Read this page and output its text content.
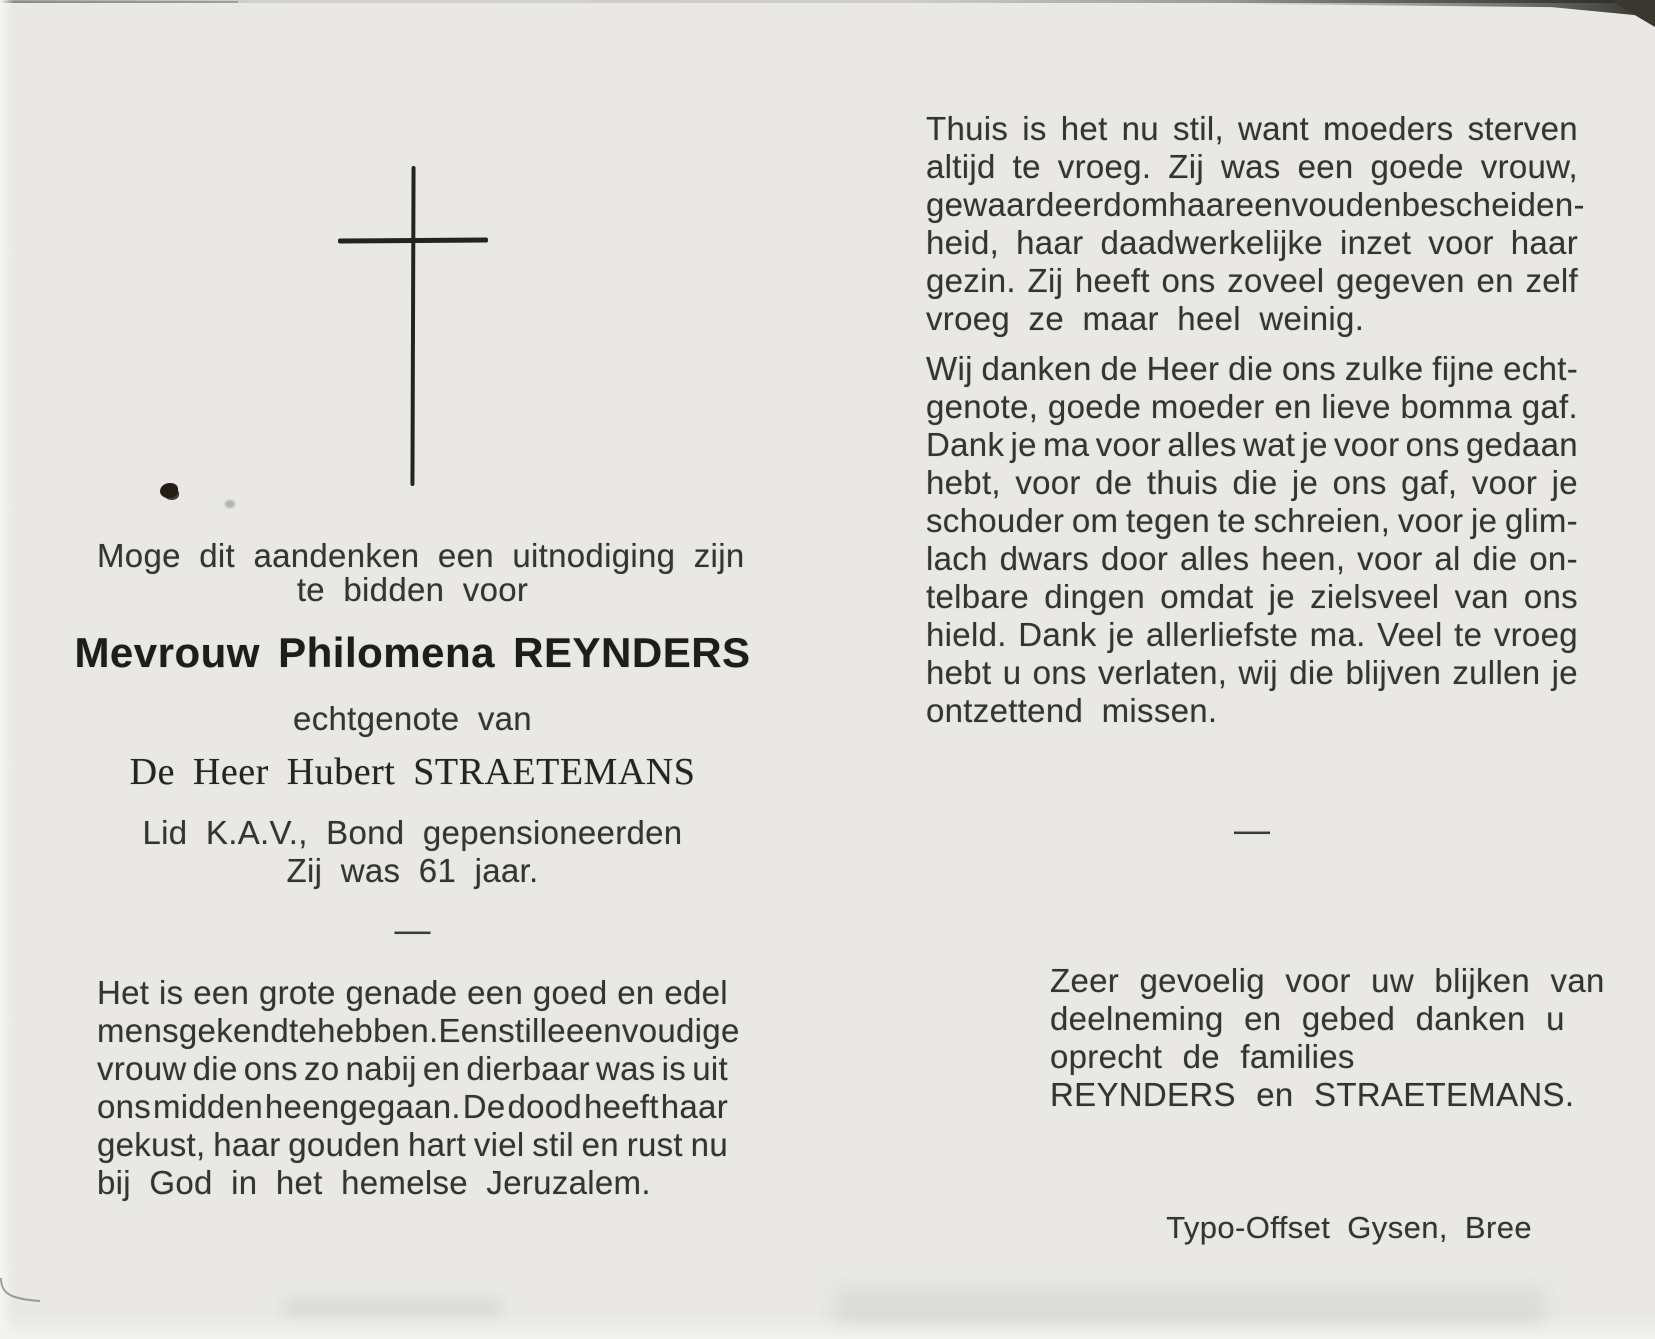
Moge dit aandenken een uitnodiging zijn
te bidden voor
Mevrouw Philomena REYNDERS
echtgenote van
De Heer Hubert STRAETEMANS
Lid K.A.V., Bond gepensioneerden
Zij was 61 jaar.
—
Het is een grote genade een goed en edel
mens gekend te hebben. Een stille eenvoudige
vrouw die ons zo nabij en dierbaar was is uit
ons midden heengegaan. De dood heeft haar
gekust, haar gouden hart viel stil en rust nu
bij God in het hemelse Jeruzalem.
Thuis is het nu stil, want moeders sterven
altijd te vroeg. Zij was een goede vrouw,
gewaardeerd om haar eenvoud en bescheiden-
heid, haar daadwerkelijke inzet voor haar
gezin. Zij heeft ons zoveel gegeven en zelf
vroeg ze maar heel weinig.
Wij danken de Heer die ons zulke fijne echt-
genote, goede moeder en lieve bomma gaf.
Dank je ma voor alles wat je voor ons gedaan
hebt, voor de thuis die je ons gaf, voor je
schouder om tegen te schreien, voor je glim-
lach dwars door alles heen, voor al die on-
telbare dingen omdat je zielsveel van ons
hield. Dank je allerliefste ma. Veel te vroeg
hebt u ons verlaten, wij die blijven zullen je
ontzettend missen.
—
Zeer gevoelig voor uw blijken van
deelneming en gebed danken u
oprecht de families
REYNDERS en STRAETEMANS.
Typo-Offset Gysen, Bree
